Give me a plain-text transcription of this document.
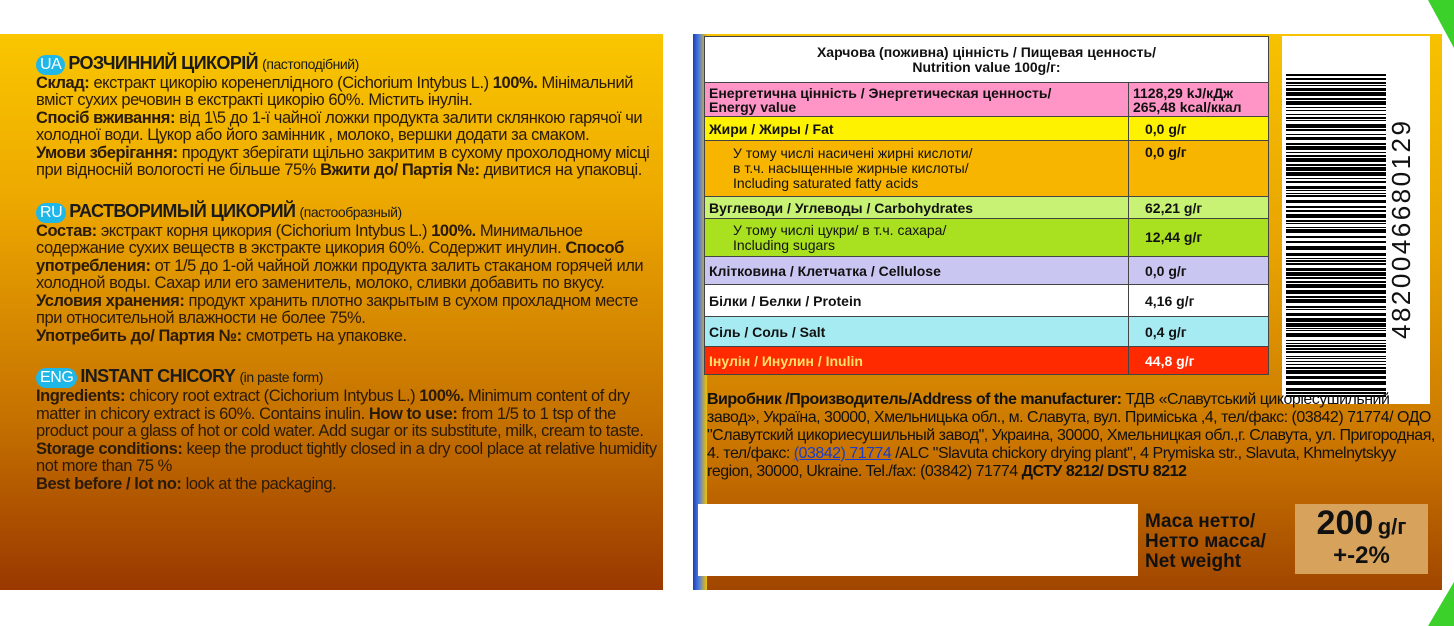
UA РОЗЧИННИЙ ЦИКОРІЙ (пастоподібний)
Склад: екстракт цикорію коренеплідного (Cichorium Intybus L.) 100%. Мінімальний вміст сухих речовин в екстракті цикорію 60%. Містить інулін.
Спосіб вживання: від 1\5 до 1-ї чайної ложки продукта залити склянкою гарячої чи холодної води. Цукор або його замінник , молоко, вершки додати за смаком.
Умови зберігання: продукт зберігати щільно закритим в сухому прохолодному місці при відносній вологості не більше 75% Вжити до/ Партія №: дивитися на упаковці.
RU РАСТВОРИМЫЙ ЦИКОРИЙ (пастообразный)
Состав: экстракт корня цикория (Cichorium Intybus L.) 100%. Минимальное содержание сухих веществ в экстракте цикория 60%. Содержит инулин. Способ употребления: от 1/5 до 1-ой чайной ложки продукта залить стаканом горячей или холодной воды. Сахар или его заменитель, молоко, сливки добавить по вкусу. Условия хранения: продукт хранить плотно закрытым в сухом прохладном месте при относительной влажности не более 75%.
Употребить до/ Партия №: смотреть на упаковке.
ENG INSTANT CHICORY (in paste form)
Ingredients: chicory root extract (Cichorium Intybus L.) 100%. Minimum content of dry matter in chicory extract is 60%. Contains inulin. How to use: from 1/5 to 1 tsp of the product pour a glass of hot or cold water. Add sugar or its substitute, milk, cream to taste. Storage conditions: keep the product tightly closed in a dry cool place at relative humidity not more than 75 %
Best before / lot no: look at the packaging.
Харчова (поживна) цінність / Пищевая ценность/
Nutrition value 100g/г:	
Енергетична цінність / Энергетическая ценность/
Energy value	1128,29 kJ/кДж
265,48 kcal/ккал
Жири / Жиры / Fat	0,0 g/г
У тому числі насичені жирні кислоти/
в т.ч. насыщенные жирные кислоты/
Including saturated fatty acids	0,0 g/г
Вуглеводи / Углеводы / Carbohydrates	62,21 g/г
У тому числі цукри/ в т.ч. сахара/
Including sugars	12,44 g/г
Клітковина / Клетчатка / Cellulose	0,0 g/г
Білки / Белки / Protein	4,16 g/г
Сіль / Соль / Salt	0,4 g/г
Інулін / Инулин / Inulin	44,8 g/г
4820046680129
Виробник /Производитель/Address of the manufacturer: ТДВ «Славутський цикоріесушильний завод», Україна, 30000, Хмельницька обл., м. Славута, вул. Приміська ,4, тел/факс: (03842) 71774/ ОДО "Славутский цикориесушильный завод", Украина, 30000, Хмельницкая обл.,г. Славута, ул. Пригородная, 4. тел/факс: (03842) 71774 /ALC "Slavuta chickory drying plant", 4 Prymiska str., Slavuta, Khmelnytskyy region, 30000, Ukraine. Tel./fax: (03842) 71774 ДСТУ 8212/ DSTU 8212
Маса нетто/
Нетто масса/
Net weight
200 g/г
+-2%
